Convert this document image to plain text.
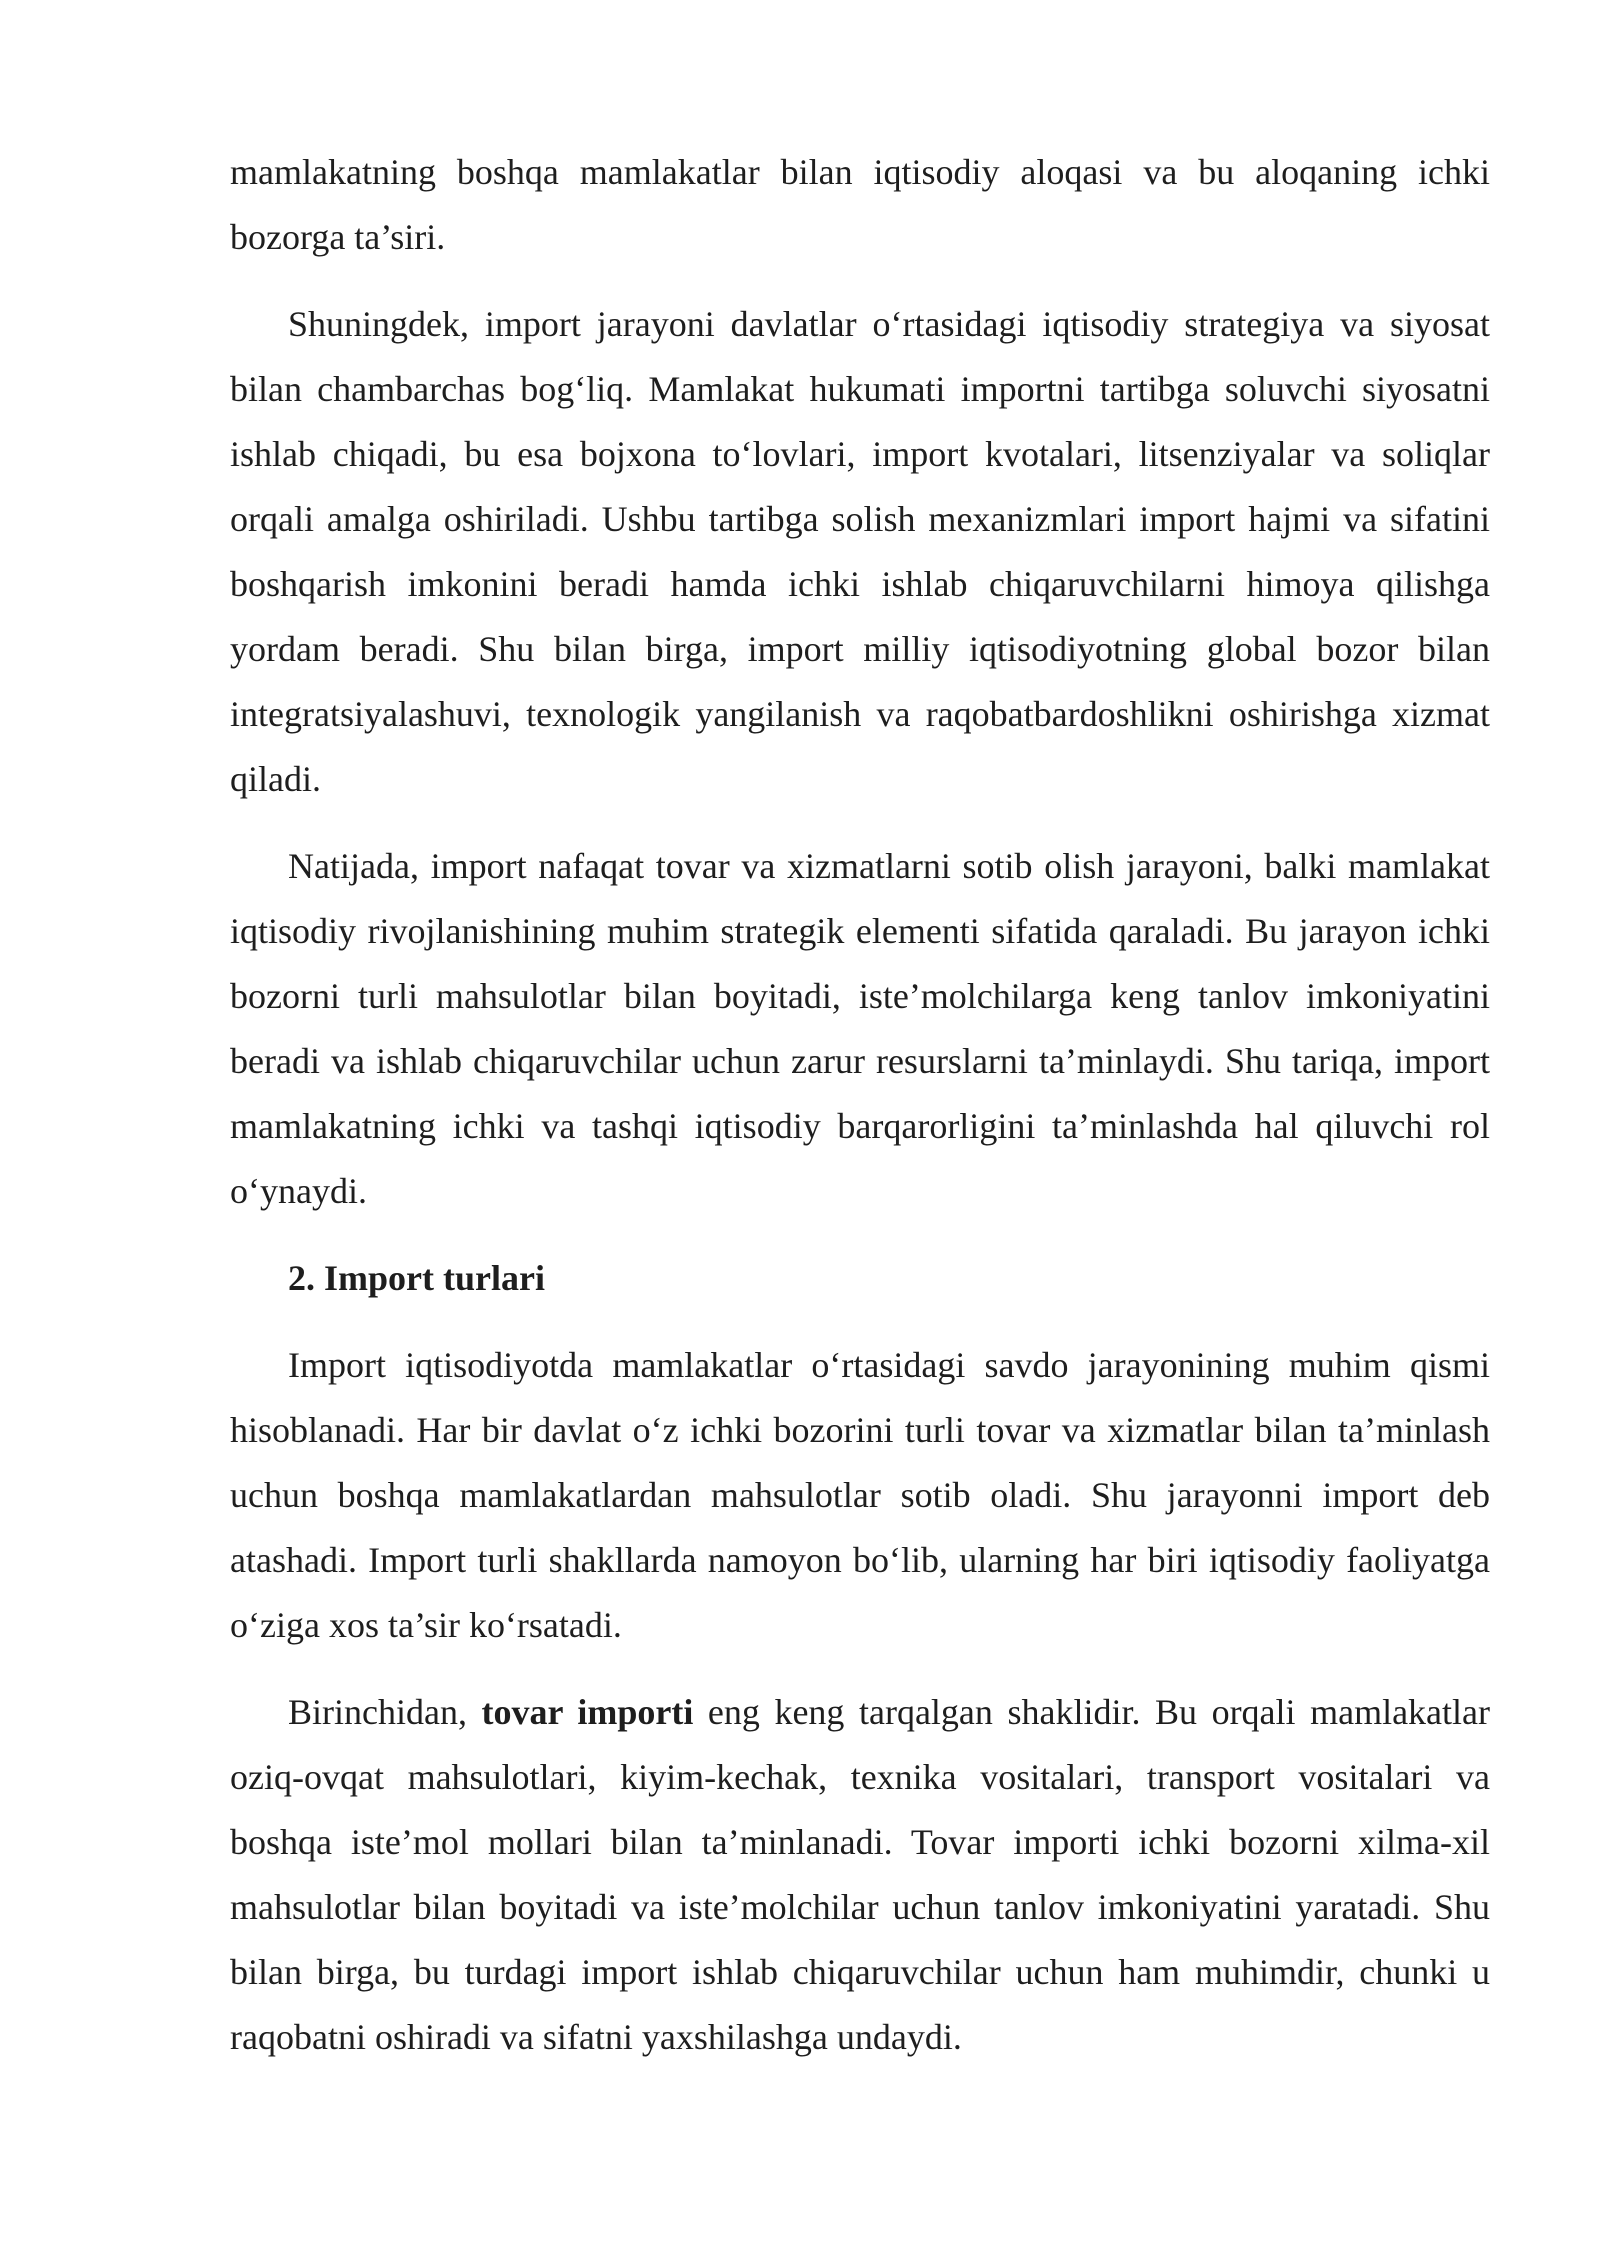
mamlakatning boshqa mamlakatlar bilan iqtisodiy aloqasi va bu aloqaning ichki bozorga ta’siri.

Shuningdek, import jarayoni davlatlar o‘rtasidagi iqtisodiy strategiya va siyosat bilan chambarchas bog‘liq. Mamlakat hukumati importni tartibga soluvchi siyosatni ishlab chiqadi, bu esa bojxona to‘lovlari, import kvotalari, litsenziyalar va soliqlar orqali amalga oshiriladi. Ushbu tartibga solish mexanizmlari import hajmi va sifatini boshqarish imkonini beradi hamda ichki ishlab chiqaruvchilarni himoya qilishga yordam beradi. Shu bilan birga, import milliy iqtisodiyotning global bozor bilan integratsiyalashuvi, texnologik yangilanish va raqobatbardoshlikni oshirishga xizmat qiladi.

Natijada, import nafaqat tovar va xizmatlarni sotib olish jarayoni, balki mamlakat iqtisodiy rivojlanishining muhim strategik elementi sifatida qaraladi. Bu jarayon ichki bozorni turli mahsulotlar bilan boyitadi, iste’molchilarga keng tanlov imkoniyatini beradi va ishlab chiqaruvchilar uchun zarur resurslarni ta’minlaydi. Shu tariqa, import mamlakatning ichki va tashqi iqtisodiy barqarorligini ta’minlashda hal qiluvchi rol o‘ynaydi.

2. Import turlari

Import iqtisodiyotda mamlakatlar o‘rtasidagi savdo jarayonining muhim qismi hisoblanadi. Har bir davlat o‘z ichki bozorini turli tovar va xizmatlar bilan ta’minlash uchun boshqa mamlakatlardan mahsulotlar sotib oladi. Shu jarayonni import deb atashadi. Import turli shakllarda namoyon bo‘lib, ularning har biri iqtisodiy faoliyatga o‘ziga xos ta’sir ko‘rsatadi.

Birinchidan, tovar importi eng keng tarqalgan shaklidir. Bu orqali mamlakatlar oziq-ovqat mahsulotlari, kiyim-kechak, texnika vositalari, transport vositalari va boshqa iste’mol mollari bilan ta’minlanadi. Tovar importi ichki bozorni xilma-xil mahsulotlar bilan boyitadi va iste’molchilar uchun tanlov imkoniyatini yaratadi. Shu bilan birga, bu turdagi import ishlab chiqaruvchilar uchun ham muhimdir, chunki u raqobatni oshiradi va sifatni yaxshilashga undaydi.
